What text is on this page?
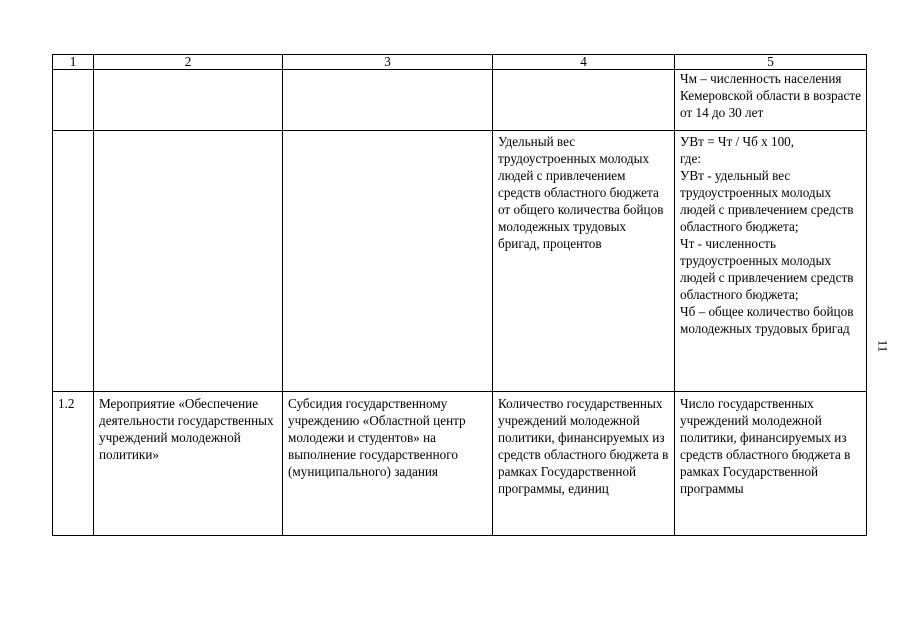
1	2	3	4	5
				Чм – численность населения Кемеровской области в возрасте от 14 до 30 лет
			Удельный вес трудоустроенных молодых людей с привлечением средств областного бюджета от общего количества бойцов молодежных трудовых бригад, процентов	УВт = Чт / Чб х 100,
где:
УВт - удельный вес трудоустроенных молодых людей с привлечением средств областного бюджета;
Чт - численность трудоустроенных молодых людей с привлечением средств областного бюджета;
Чб – общее количество бойцов молодежных трудовых бригад
1.2	Мероприятие «Обеспечение деятельности государственных учреждений молодежной политики»	Субсидия государственному учреждению «Областной центр молодежи и студентов» на выполнение государственного (муниципального) задания	Количество государственных учреждений молодежной политики, финансируемых из средств областного бюджета в рамках Государственной программы, единиц	Число государственных учреждений молодежной политики, финансируемых из средств областного бюджета в рамках Государственной программы
11
